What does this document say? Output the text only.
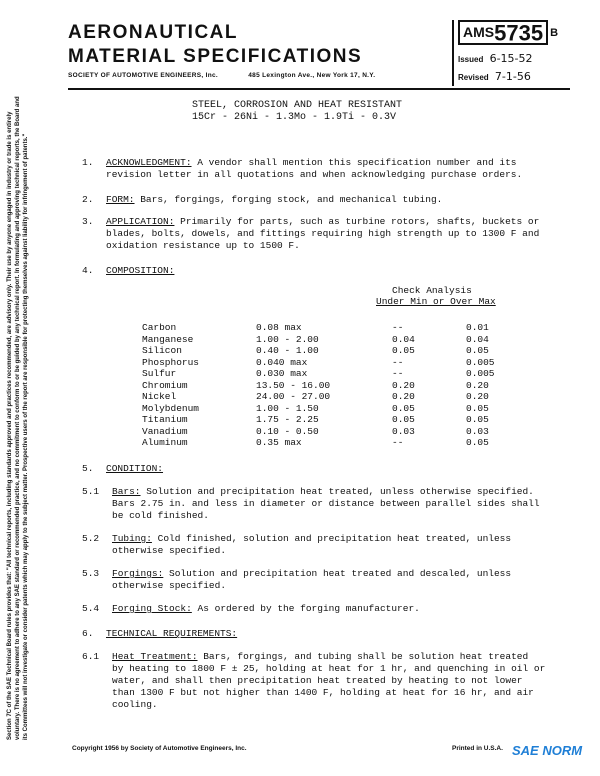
AERONAUTICAL
MATERIAL SPECIFICATIONS
SOCIETY OF AUTOMOTIVE ENGINEERS, Inc.	485 Lexington Ave., New York 17, N.Y.
AMS5735 B
Issued 6-15-52
Revised 7-1-56
Section 7C of the SAE Technical Board rules provides that: "All technical reports, including standards approved and practices recommended, are advisory only. Their use by anyone engaged in industry or trade is entirely voluntary. There is no agreement to adhere to any SAE standard or recommended practice, and no commitment to conform to or be guided by any technical report. In formulating and approving technical reports, the Board and its Committees will not investigate or consider patents which may apply to the subject matter. Prospective users of the report are responsible for protecting themselves against liability for infringement of patents."
STEEL, CORROSION AND HEAT RESISTANT
15Cr - 26Ni - 1.3Mo - 1.9Ti - 0.3V
1. ACKNOWLEDGMENT: A vendor shall mention this specification number and its
revision letter in all quotations and when acknowledging purchase orders.
2. FORM: Bars, forgings, forging stock, and mechanical tubing.
3. APPLICATION: Primarily for parts, such as turbine rotors, shafts, buckets or
blades, bolts, dowels, and fittings requiring high strength up to 1300 F and
oxidation resistance up to 1500 F.
4. COMPOSITION:
Check Analysis
Under Min or Over Max
Carbon	0.08 max	--	0.01
Manganese	1.00 - 2.00	0.04	0.04
Silicon	0.40 - 1.00	0.05	0.05
Phosphorus	0.040 max	--	0.005
Sulfur	0.030 max	--	0.005
Chromium	13.50 - 16.00	0.20	0.20
Nickel	24.00 - 27.00	0.20	0.20
Molybdenum	1.00 - 1.50	0.05	0.05
Titanium	1.75 - 2.25	0.05	0.05
Vanadium	0.10 - 0.50	0.03	0.03
Aluminum	0.35 max	--	0.05
5. CONDITION:
5.1 Bars: Solution and precipitation heat treated, unless otherwise specified.
Bars 2.75 in. and less in diameter or distance between parallel sides shall
be cold finished.
5.2 Tubing: Cold finished, solution and precipitation heat treated, unless
otherwise specified.
5.3 Forgings: Solution and precipitation heat treated and descaled, unless
otherwise specified.
5.4 Forging Stock: As ordered by the forging manufacturer.
6. TECHNICAL REQUIREMENTS:
6.1 Heat Treatment: Bars, forgings, and tubing shall be solution heat treated
by heating to 1800 F ± 25, holding at heat for 1 hr, and quenching in oil or
water, and shall then precipitation heat treated by heating to not lower
than 1300 F but not higher than 1400 F, holding at heat for 16 hr, and air
cooling.
Copyright 1956 by Society of Automotive Engineers, Inc.	Printed in U.S.A. SAE NORM
